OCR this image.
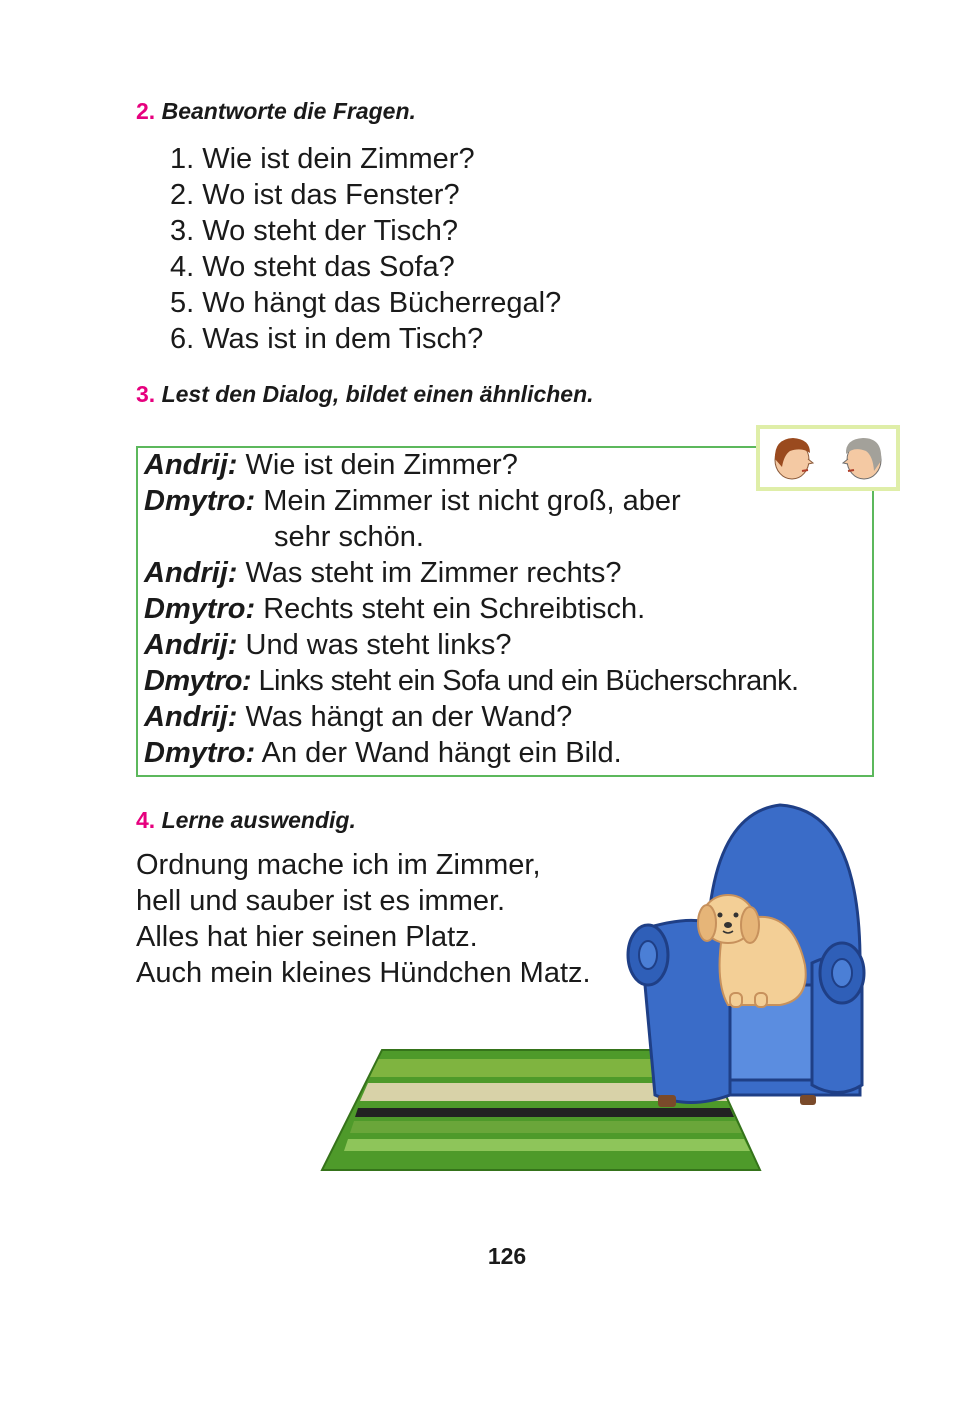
2. Beantworte die Fragen.
1. Wie ist dein Zimmer?
2. Wo ist das Fenster?
3. Wo steht der Tisch?
4. Wo steht das Sofa?
5. Wo hängt das Bücherregal?
6. Was ist in dem Tisch?
3. Lest den Dialog, bildet einen ähnlichen.
Andrij: Wie ist dein Zimmer?
Dmytro: Mein Zimmer ist nicht groß, aber
sehr schön.
Andrij: Was steht im Zimmer rechts?
Dmytro: Rechts steht ein Schreibtisch.
Andrij: Und was steht links?
Dmytro: Links steht ein Sofa und ein Bücherschrank.
Andrij: Was hängt an der Wand?
Dmytro: An der Wand hängt ein Bild.
4. Lerne auswendig.
Ordnung mache ich im Zimmer,
hell und sauber ist es immer.
Alles hat hier seinen Platz.
Auch mein kleines Hündchen Matz.
126
